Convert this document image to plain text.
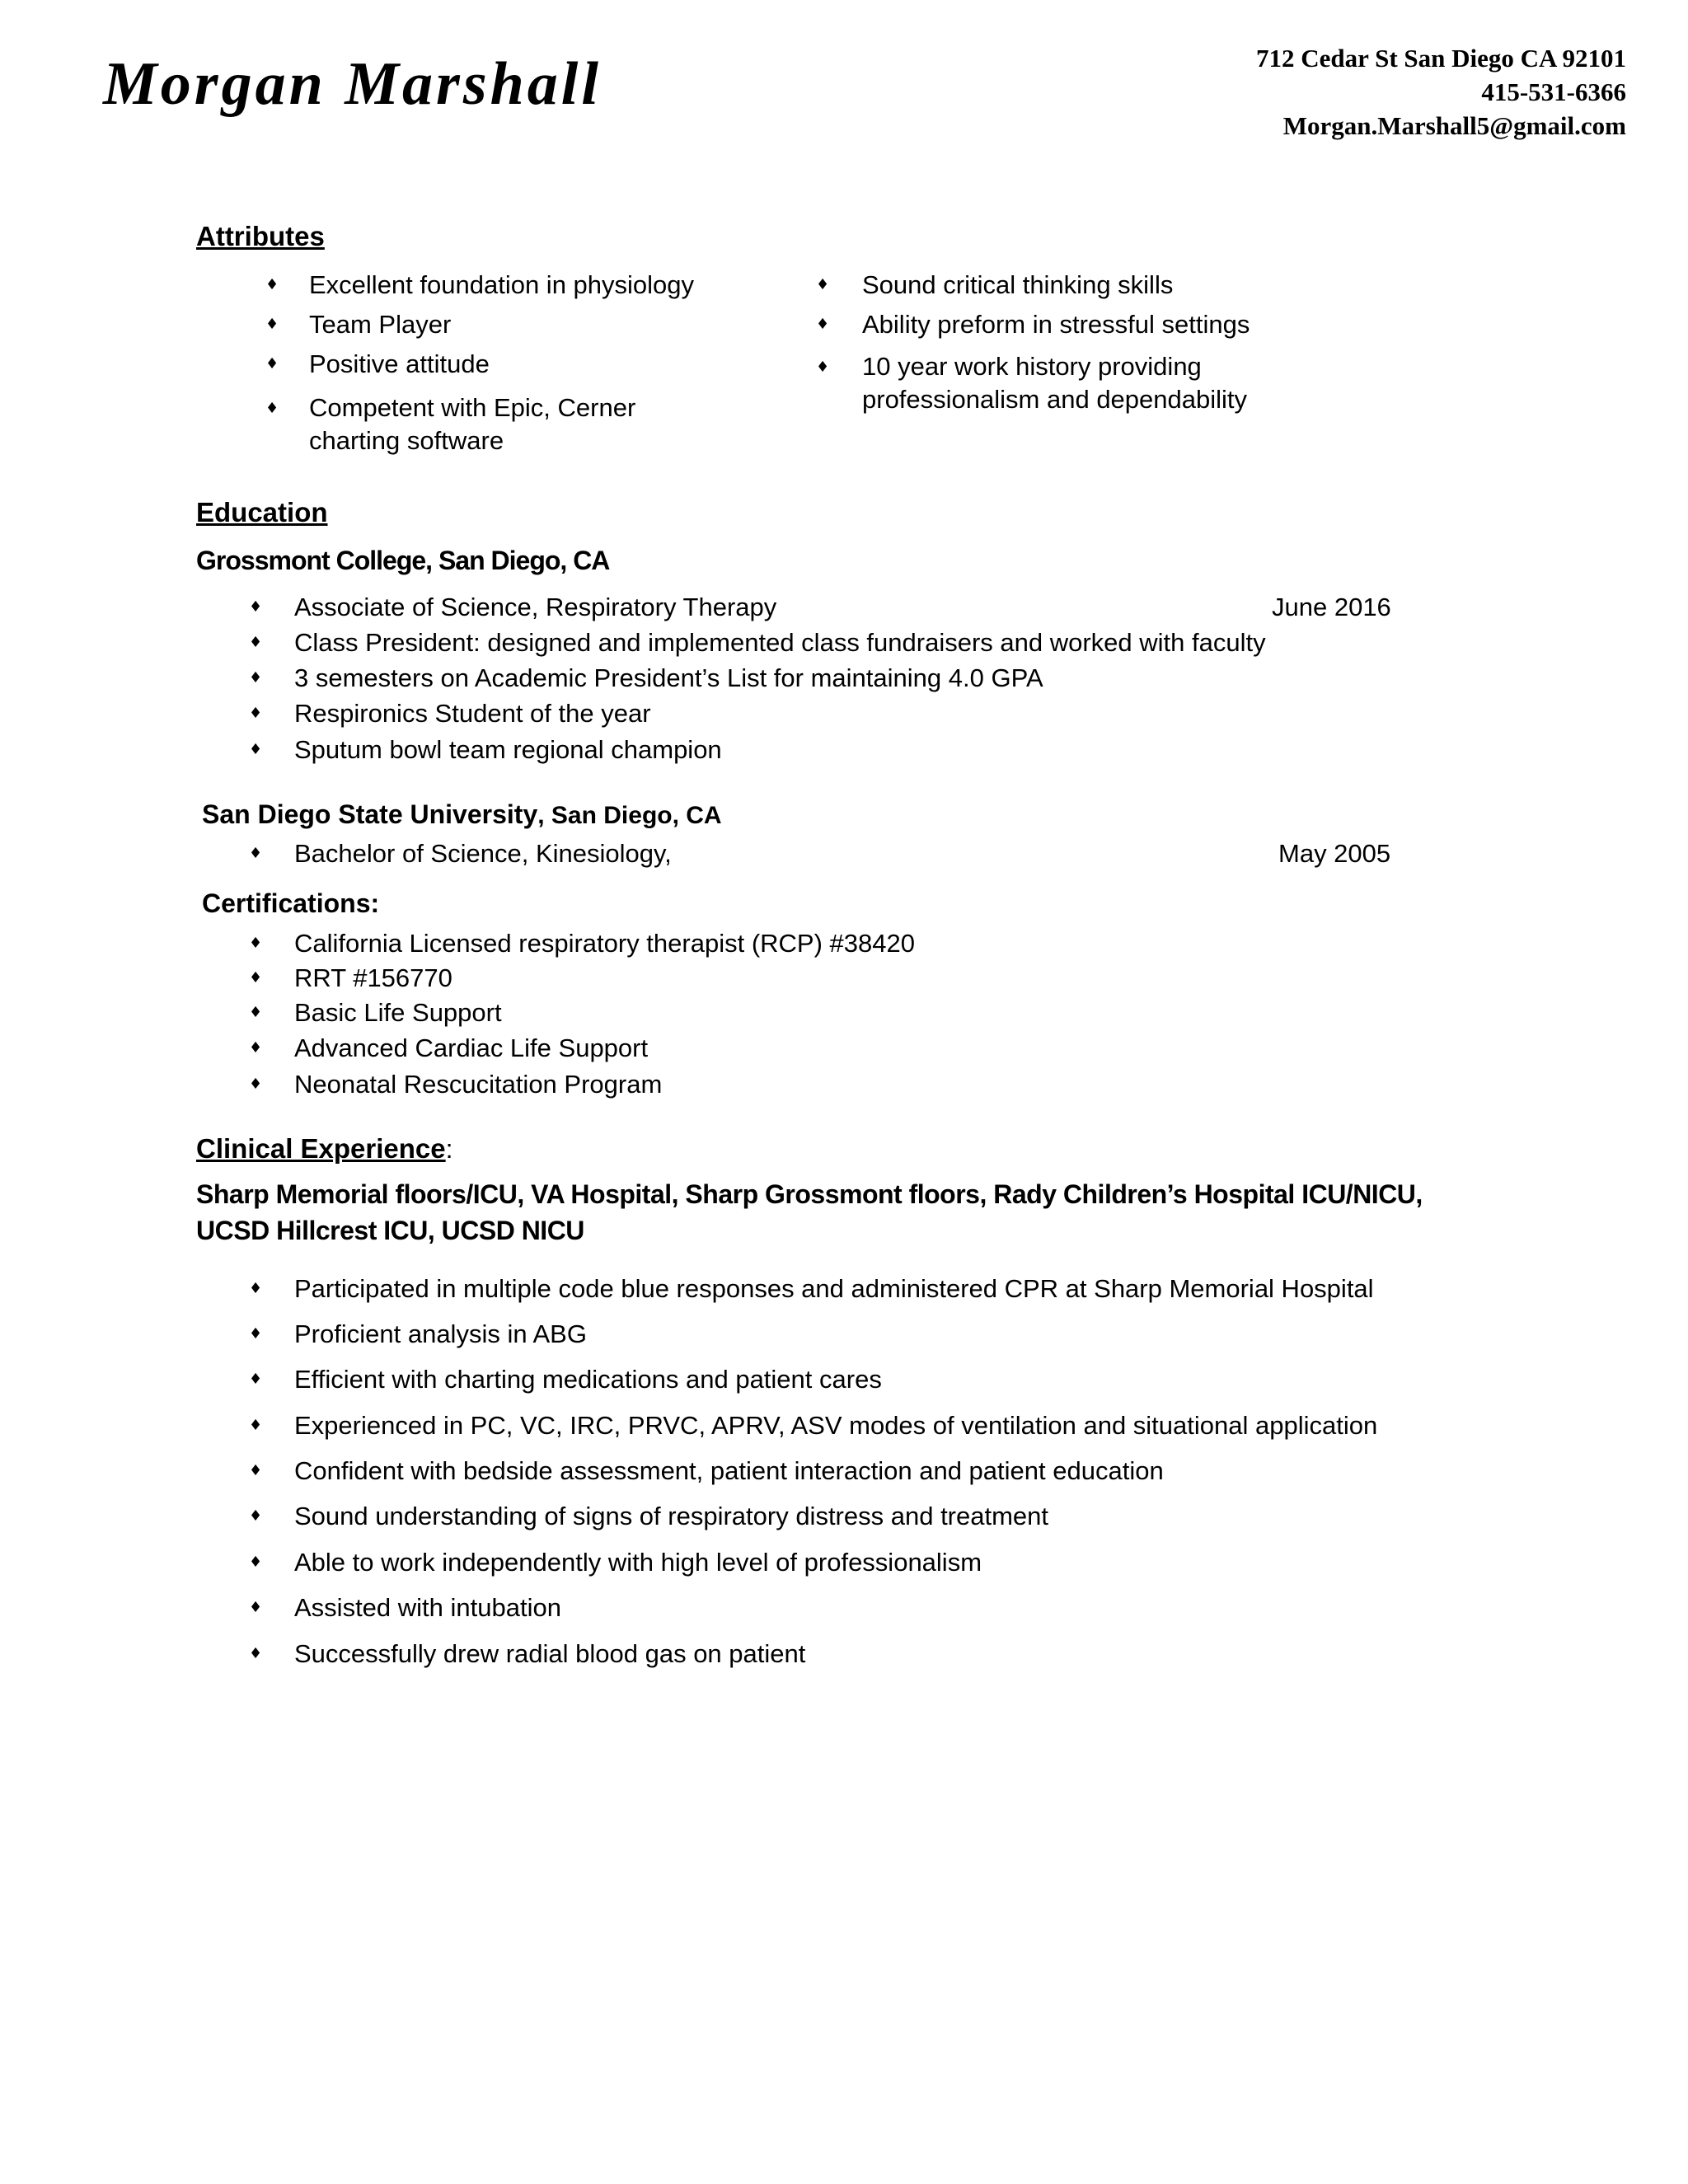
Morgan Marshall	712 Cedar St San Diego CA 92101
415-531-6366
Morgan.Marshall5@gmail.com
Attributes
♦ Excellent foundation in physiology
♦ Team Player
♦ Positive attitude
♦ Competent with Epic, Cerner charting software
♦ Sound critical thinking skills
♦ Ability preform in stressful settings
♦ 10 year work history providing professionalism and dependability
Education
Grossmont College, San Diego, CA
♦ Associate of Science, Respiratory Therapy	June 2016
♦ Class President: designed and implemented class fundraisers and worked with faculty
♦ 3 semesters on Academic President’s List for maintaining 4.0 GPA
♦ Respironics Student of the year
♦ Sputum bowl team regional champion
San Diego State University, San Diego, CA
♦ Bachelor of Science, Kinesiology,	May 2005
Certifications:
♦ California Licensed respiratory therapist (RCP) #38420
♦ RRT #156770
♦ Basic Life Support
♦ Advanced Cardiac Life Support
♦ Neonatal Rescucitation Program
Clinical Experience:
Sharp Memorial floors/ICU, VA Hospital, Sharp Grossmont floors, Rady Children’s Hospital ICU/NICU, UCSD Hillcrest ICU, UCSD NICU
♦ Participated in multiple code blue responses and administered CPR at Sharp Memorial Hospital
♦ Proficient analysis in ABG
♦ Efficient with charting medications and patient cares
♦ Experienced in PC, VC, IRC, PRVC, APRV, ASV modes of ventilation and situational application
♦ Confident with bedside assessment, patient interaction and patient education
♦ Sound understanding of signs of respiratory distress and treatment
♦ Able to work independently with high level of professionalism
♦ Assisted with intubation
♦ Successfully drew radial blood gas on patient
